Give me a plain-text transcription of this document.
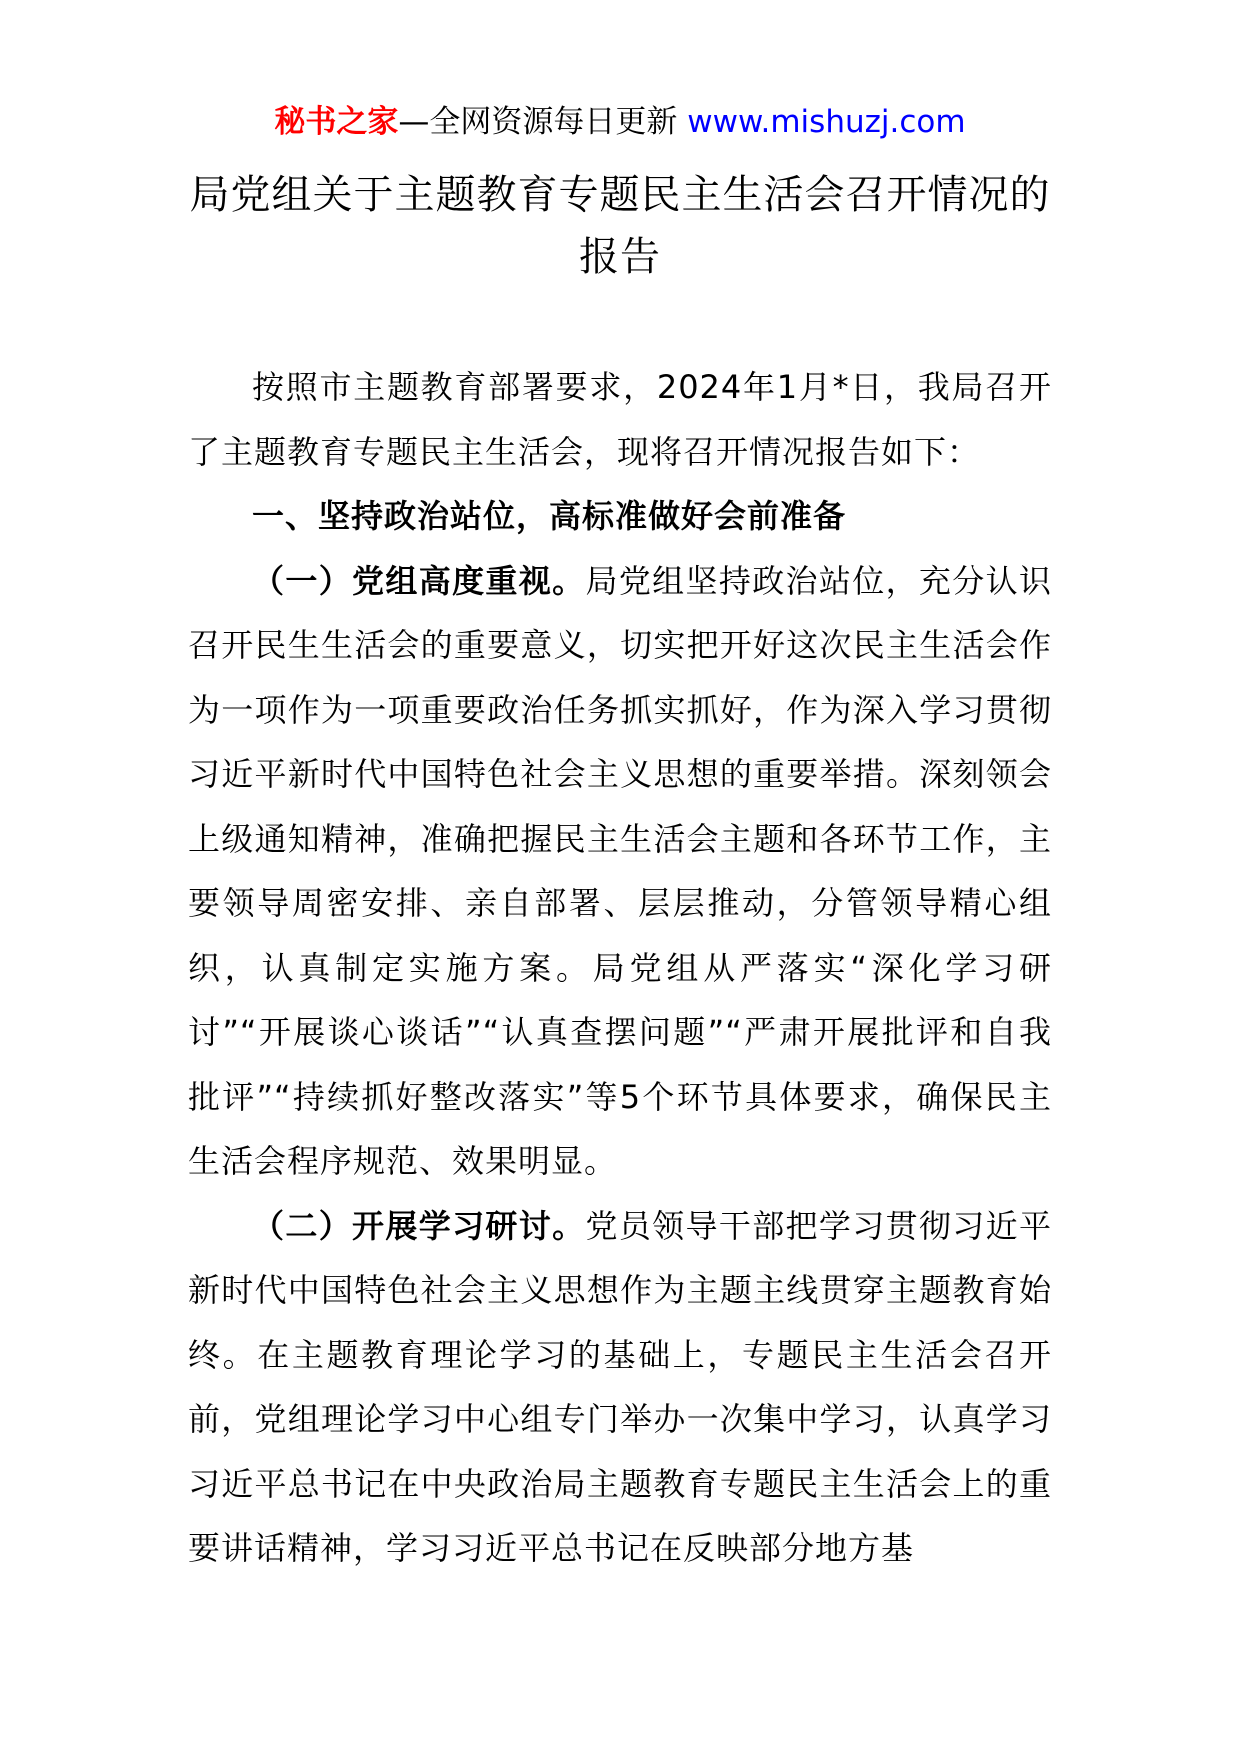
秘书之家—全网资源每日更新 www.mishuzj.com
局党组关于主题教育专题民主生活会召开情况的报告

按照市主题教育部署要求，2024年1月*日，我局召开了主题教育专题民主生活会，现将召开情况报告如下：

一、坚持政治站位，高标准做好会前准备

（一）党组高度重视。局党组坚持政治站位，充分认识召开民生生活会的重要意义，切实把开好这次民主生活会作为一项作为一项重要政治任务抓实抓好，作为深入学习贯彻习近平新时代中国特色社会主义思想的重要举措。深刻领会上级通知精神，准确把握民主生活会主题和各环节工作，主要领导周密安排、亲自部署、层层推动，分管领导精心组织，认真制定实施方案。局党组从严落实“深化学习研讨”“开展谈心谈话”“认真查摆问题”“严肃开展批评和自我批评”“持续抓好整改落实”等5个环节具体要求，确保民主生活会程序规范、效果明显。

（二）开展学习研讨。党员领导干部把学习贯彻习近平新时代中国特色社会主义思想作为主题主线贯穿主题教育始终。在主题教育理论学习的基础上，专题民主生活会召开前，党组理论学习中心组专门举办一次集中学习，认真学习习近平总书记在中央政治局主题教育专题民主生活会上的重要讲话精神，学习习近平总书记在反映部分地方基
